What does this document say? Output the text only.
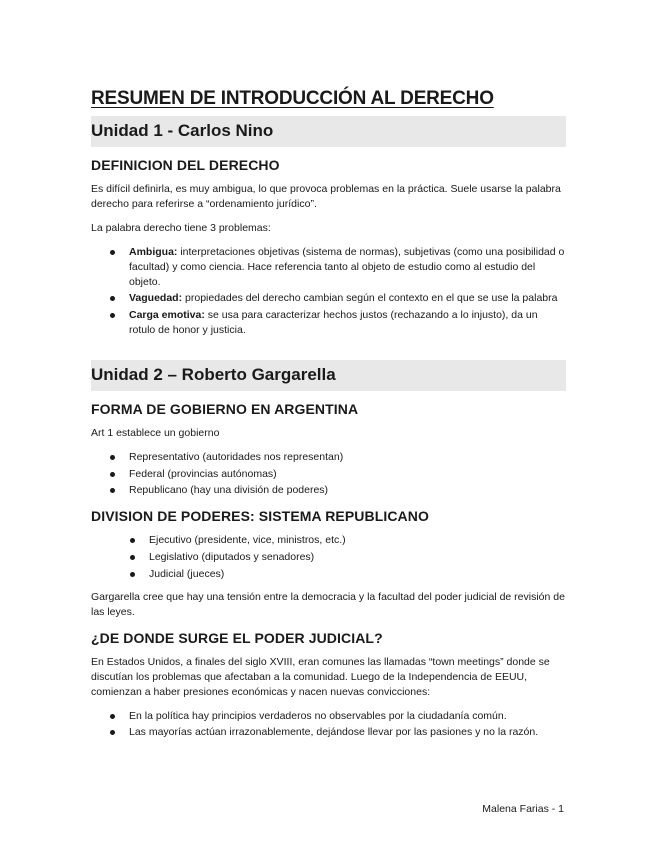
RESUMEN DE INTRODUCCIÓN AL DERECHO
Unidad 1 - Carlos Nino
DEFINICION DEL DERECHO

Es difícil definirla, es muy ambigua, lo que provoca problemas en la práctica. Suele usarse la palabra derecho para referirse a “ordenamiento jurídico”.

La palabra derecho tiene 3 problemas:

Ambigua: interpretaciones objetivas (sistema de normas), subjetivas (como una posibilidad o facultad) y como ciencia. Hace referencia tanto al objeto de estudio como al estudio del objeto.
Vaguedad: propiedades del derecho cambian según el contexto en el que se use la palabra
Carga emotiva: se usa para caracterizar hechos justos (rechazando a lo injusto), da un rotulo de honor y justicia.
Unidad 2 – Roberto Gargarella
FORMA DE GOBIERNO EN ARGENTINA

Art 1 establece un gobierno

Representativo (autoridades nos representan)
Federal (provincias autónomas)
Republicano (hay una división de poderes)
DIVISION DE PODERES: SISTEMA REPUBLICANO
Ejecutivo (presidente, vice, ministros, etc.)
Legislativo (diputados y senadores)
Judicial (jueces)

Gargarella cree que hay una tensión entre la democracia y la facultad del poder judicial de revisión de las leyes.

¿DE DONDE SURGE EL PODER JUDICIAL?

En Estados Unidos, a finales del siglo XVIII, eran comunes las llamadas “town meetings” donde se discutían los problemas que afectaban a la comunidad. Luego de la Independencia de EEUU, comienzan a haber presiones económicas y nacen nuevas convicciones:

En la política hay principios verdaderos no observables por la ciudadanía común.
Las mayorías actúan irrazonablemente, dejándose llevar por las pasiones y no la razón.
Malena Farias - 1
